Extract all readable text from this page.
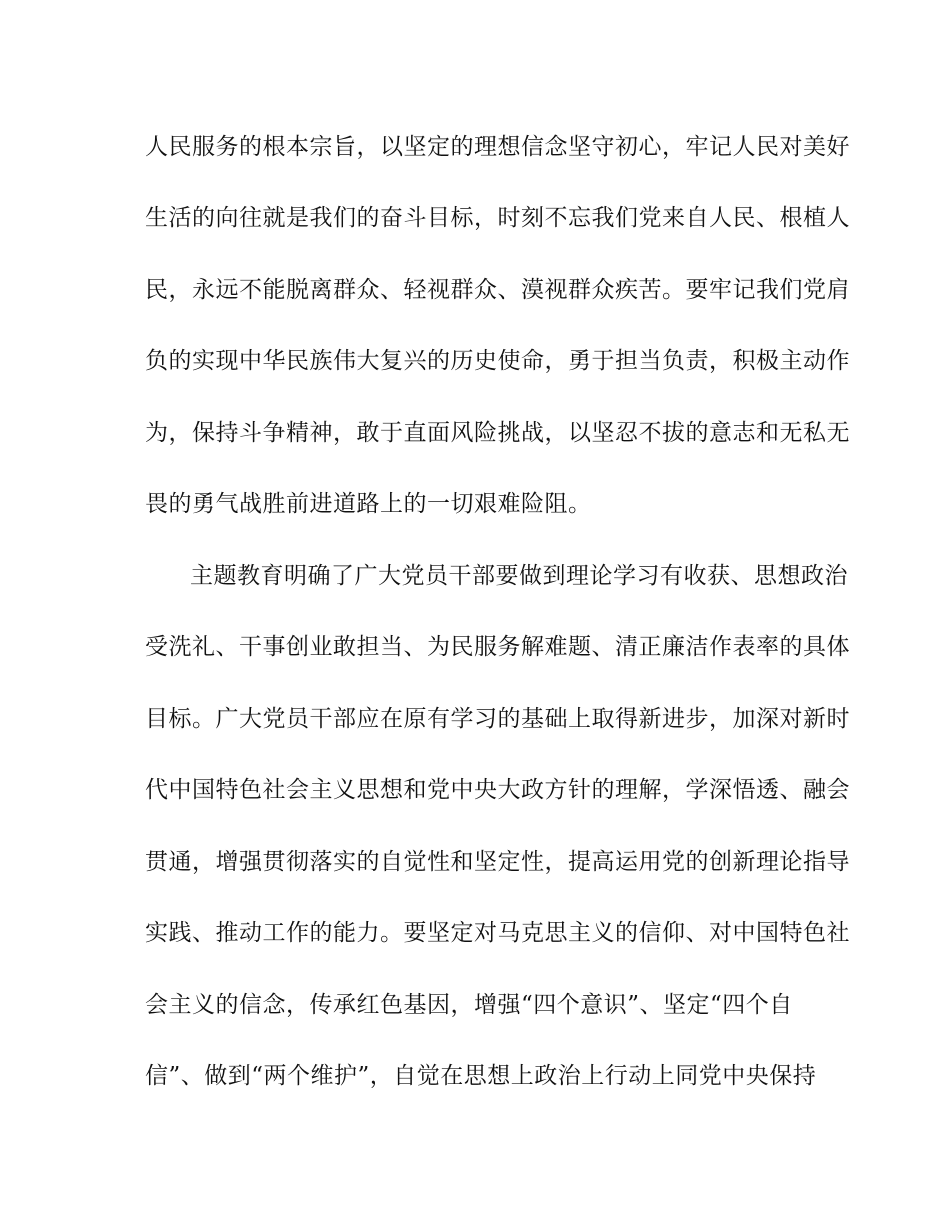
人民服务的根本宗旨，以坚定的理想信念坚守初心，牢记人民对美好
生活的向往就是我们的奋斗目标，时刻不忘我们党来自人民、根植人
民，永远不能脱离群众、轻视群众、漠视群众疾苦。要牢记我们党肩
负的实现中华民族伟大复兴的历史使命，勇于担当负责，积极主动作
为，保持斗争精神，敢于直面风险挑战，以坚忍不拔的意志和无私无
畏的勇气战胜前进道路上的一切艰难险阻。
主题教育明确了广大党员干部要做到理论学习有收获、思想政治
受洗礼、干事创业敢担当、为民服务解难题、清正廉洁作表率的具体
目标。广大党员干部应在原有学习的基础上取得新进步，加深对新时
代中国特色社会主义思想和党中央大政方针的理解，学深悟透、融会
贯通，增强贯彻落实的自觉性和坚定性，提高运用党的创新理论指导
实践、推动工作的能力。要坚定对马克思主义的信仰、对中国特色社
会主义的信念，传承红色基因，增强“四个意识”、坚定“四个自
信”、做到“两个维护”，自觉在思想上政治上行动上同党中央保持
